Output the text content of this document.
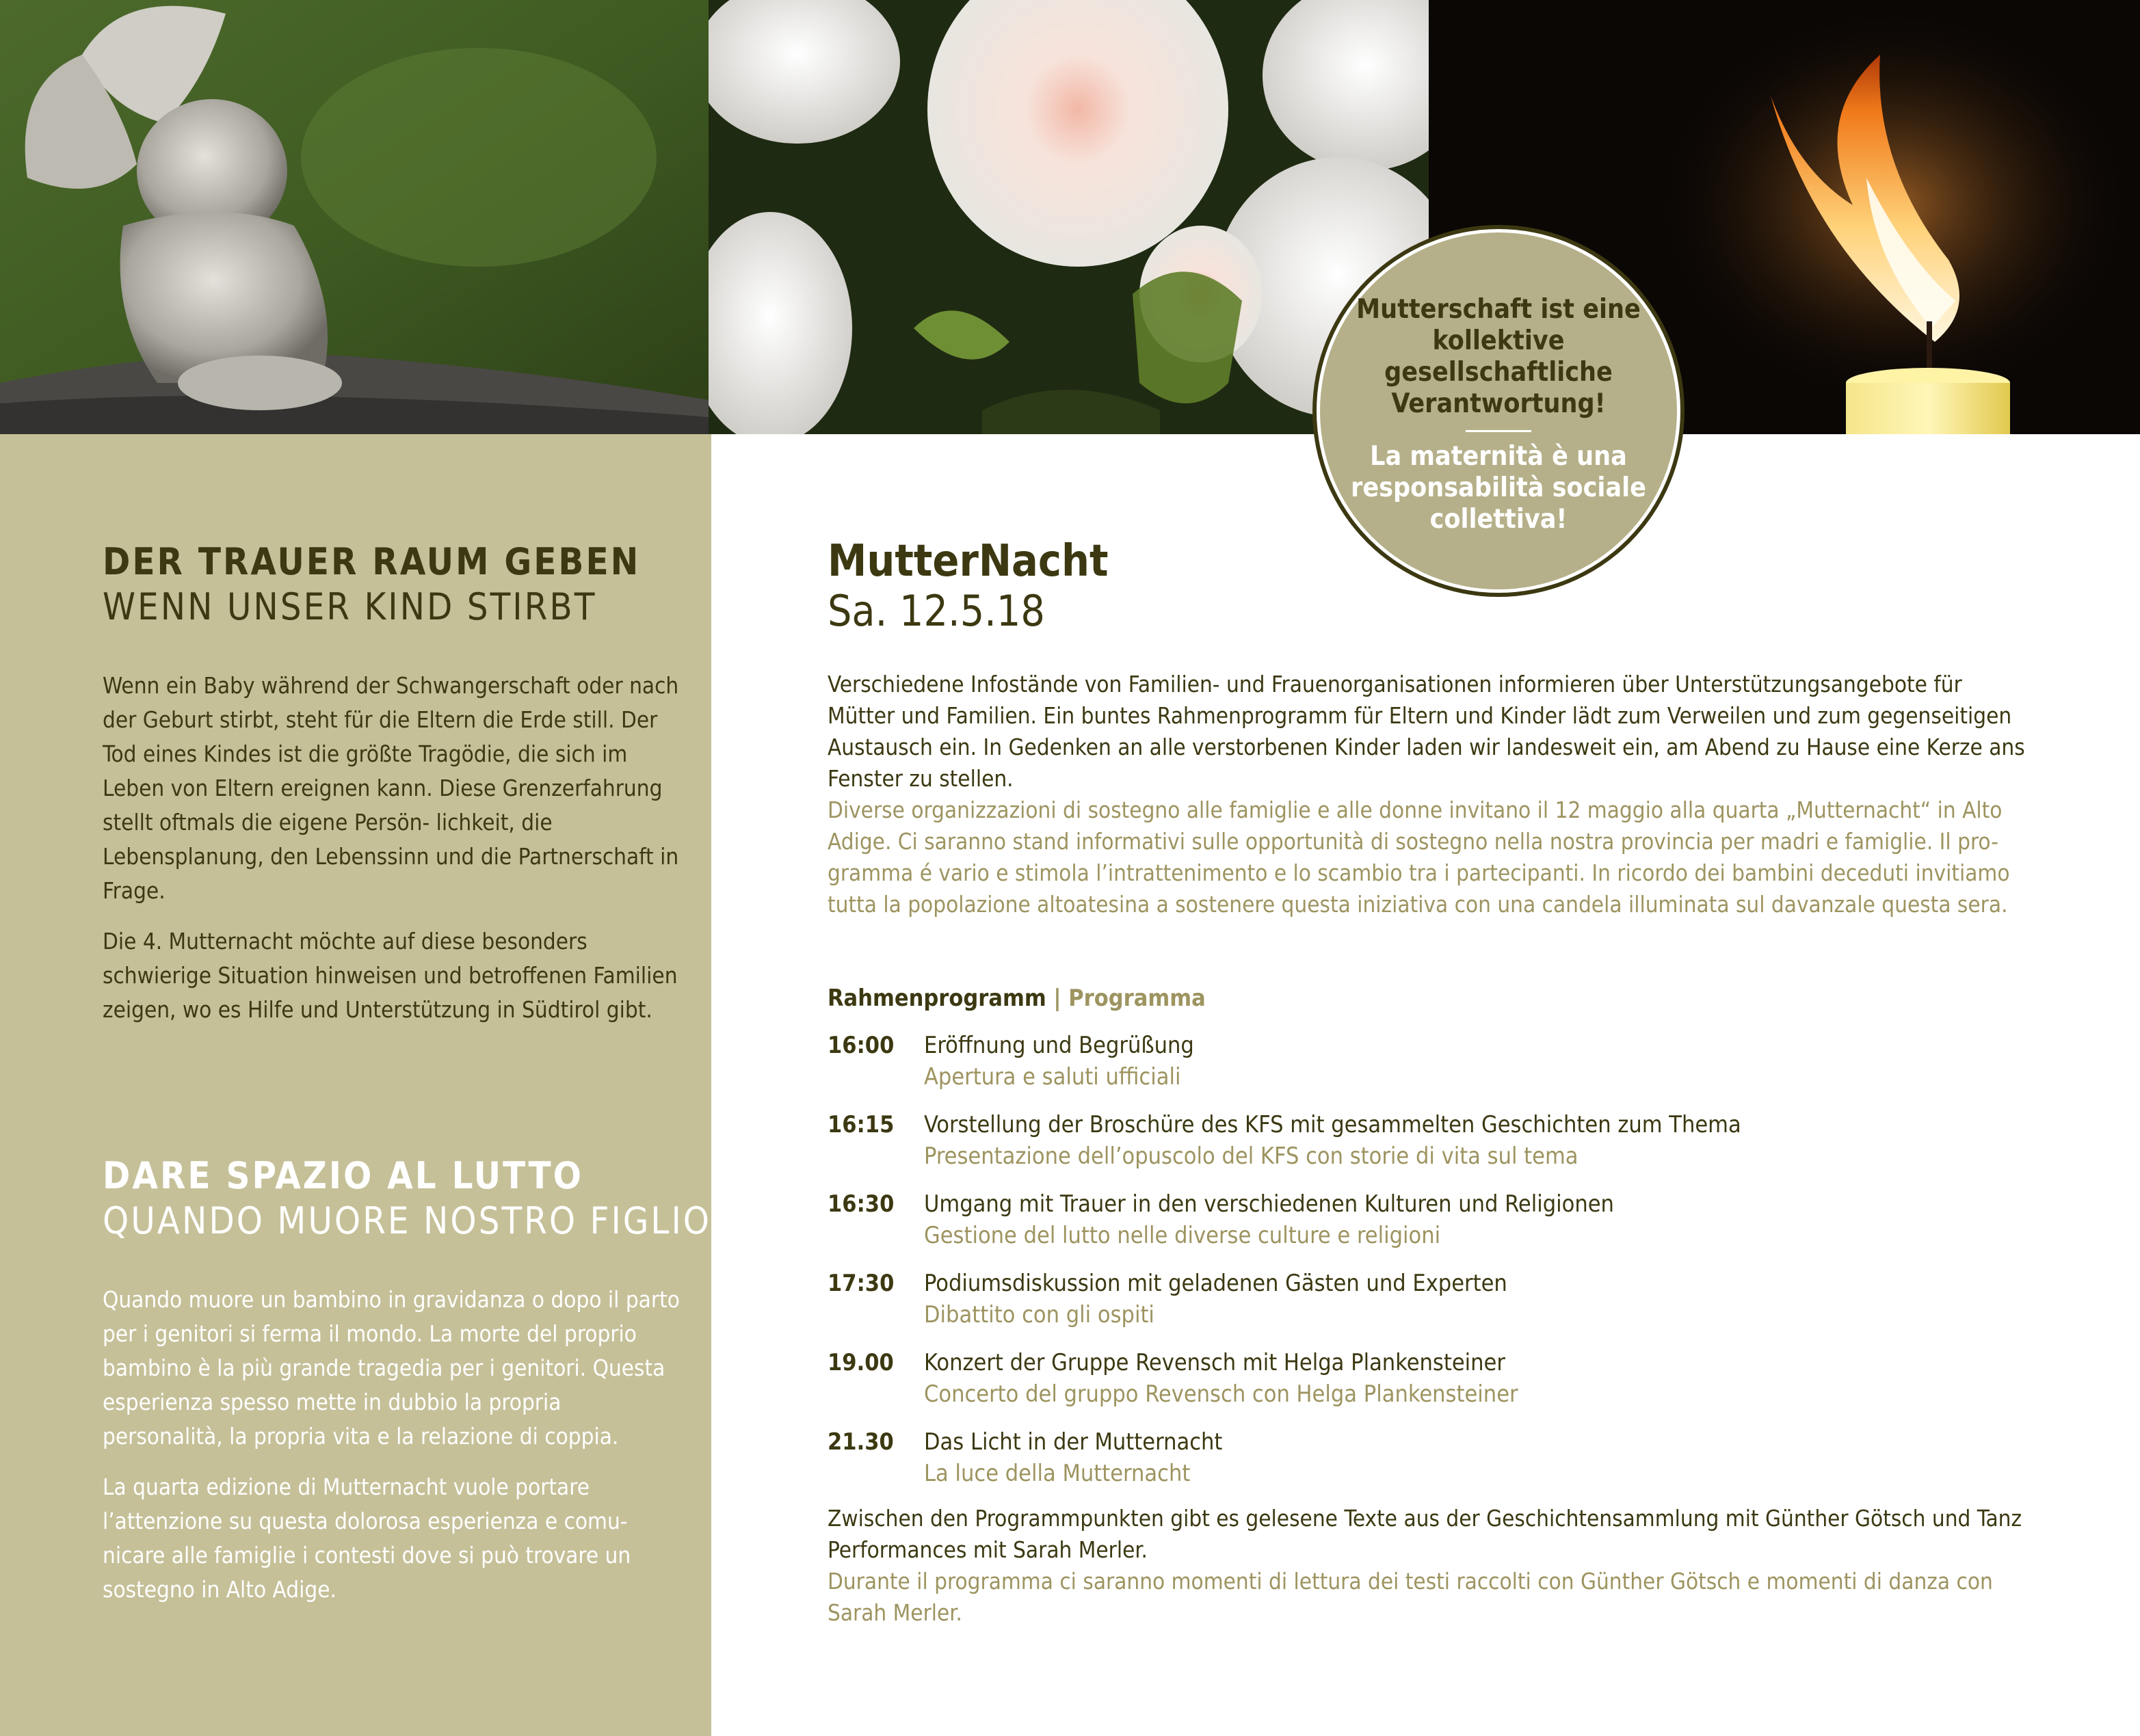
DER TRAUER RAUM GEBEN
WENN UNSER KIND STIRBT

Wenn ein Baby während der Schwangerschaft oder nach der Geburt stirbt, steht für die Eltern die Erde still. Der Tod eines Kindes ist die größte Tragödie, die sich im Leben von Eltern ereignen kann. Diese Grenzerfahrung stellt oftmals die eigene Persön- lichkeit, die Lebensplanung, den Lebenssinn und die Partnerschaft in Frage.

Die 4. Mutternacht möchte auf diese besonders schwierige Situation hinweisen und betroffenen Familien zeigen, wo es Hilfe und Unterstützung in Südtirol gibt.

DARE SPAZIO AL LUTTO
QUANDO MUORE NOSTRO FIGLIO

Quando muore un bambino in gravidanza o dopo il parto per i genitori si ferma il mondo. La morte del proprio bambino è la più grande tragedia per i genitori. Questa esperienza spesso mette in dubbio la propria personalità, la propria vita e la relazione di coppia.

La quarta edizione di Mutternacht vuole portare l’attenzione su questa dolorosa esperienza e comu- nicare alle famiglie i contesti dove si può trovare un sostegno in Alto Adige.

Mutterschaft ist eine kollektive gesellschaftliche Verantwortung!
La maternità è una responsabilità sociale collettiva!
MutterNacht
Sa. 12.5.18
Verschiedene Infostände von Familien- und Frauenorganisationen informieren über Unterstützungsangebote für Mütter und Familien. Ein buntes Rahmenprogramm für Eltern und Kinder lädt zum Verweilen und zum gegenseitigen Austausch ein. In Gedenken an alle verstorbenen Kinder laden wir landesweit ein, am Abend zu Hause eine Kerze ans Fenster zu stellen.
Diverse organizzazioni di sostegno alle famiglie e alle donne invitano il 12 maggio alla quarta „Mutternacht“ in Alto Adige. Ci saranno stand informativi sulle opportunità di sostegno nella nostra provincia per madri e famiglie. Il pro- gramma é vario e stimola l’intrattenimento e lo scambio tra i partecipanti. In ricordo dei bambini deceduti invitiamo tutta la popolazione altoatesina a sostenere questa iniziativa con una candela illuminata sul davanzale questa sera.
Rahmenprogramm | Programma
16:00 Eröffnung und Begrüßung
Apertura e saluti ufficiali
16:15 Vorstellung der Broschüre des KFS mit gesammelten Geschichten zum Thema
Presentazione dell’opuscolo del KFS con storie di vita sul tema
16:30 Umgang mit Trauer in den verschiedenen Kulturen und Religionen
Gestione del lutto nelle diverse culture e religioni
17:30 Podiumsdiskussion mit geladenen Gästen und Experten
Dibattito con gli ospiti
19.00 Konzert der Gruppe Revensch mit Helga Plankensteiner
Concerto del gruppo Revensch con Helga Plankensteiner
21.30 Das Licht in der Mutternacht
La luce della Mutternacht
Zwischen den Programmpunkten gibt es gelesene Texte aus der Geschichtensammlung mit Günther Götsch und Tanz Performances mit Sarah Merler.
Durante il programma ci saranno momenti di lettura dei testi raccolti con Günther Götsch e momenti di danza con Sarah Merler.
